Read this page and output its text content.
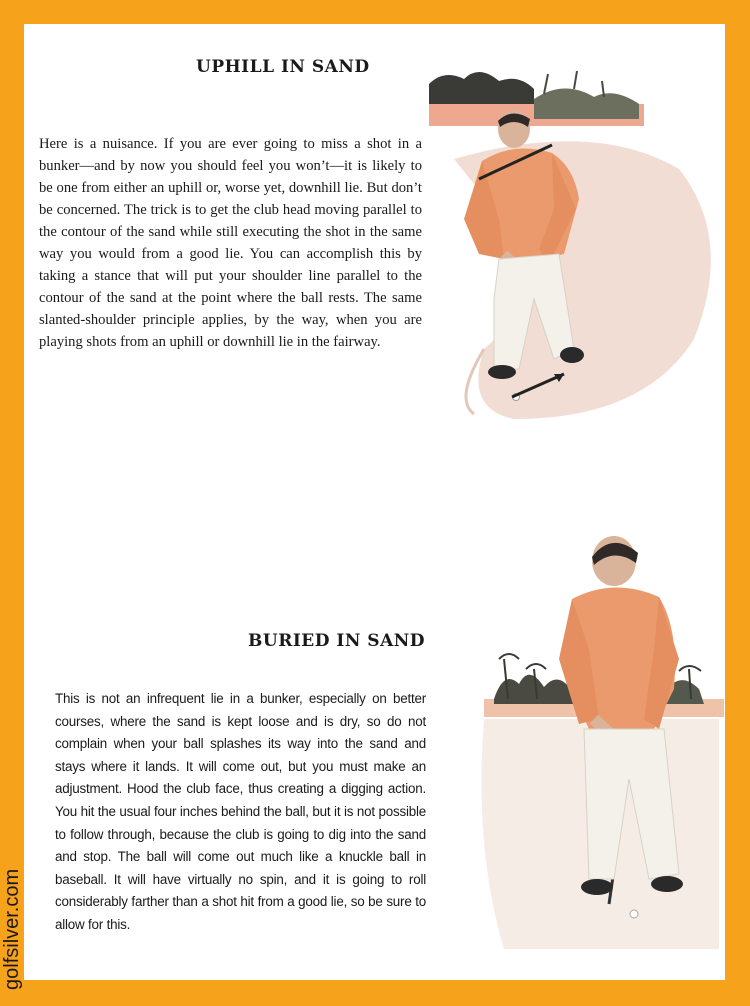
UPHILL IN SAND

Here is a nuisance. If you are ever going to miss a shot in a bunker—and by now you should feel you won’t—it is likely to be one from either an uphill or, worse yet, downhill lie. But don’t be concerned. The trick is to get the club head moving parallel to the contour of the sand while still executing the shot in the same way you would from a good lie. You can accomplish this by taking a stance that will put your shoulder line parallel to the contour of the sand at the point where the ball rests. The same slanted-shoulder principle applies, by the way, when you are playing shots from an uphill or downhill lie in the fairway.

BURIED IN SAND

This is not an infrequent lie in a bunker, especially on better courses, where the sand is kept loose and is dry, so do not complain when your ball splashes its way into the sand and stays where it lands. It will come out, but you must make an adjustment. Hood the club face, thus creating a digging action. You hit the usual four inches behind the ball, but it is not possible to follow through, because the club is going to dig into the sand and stop. The ball will come out much like a knuckle ball in baseball. It will have virtually no spin, and it is going to roll considerably farther than a shot hit from a good lie, so be sure to allow for this.

golfsilver.com
